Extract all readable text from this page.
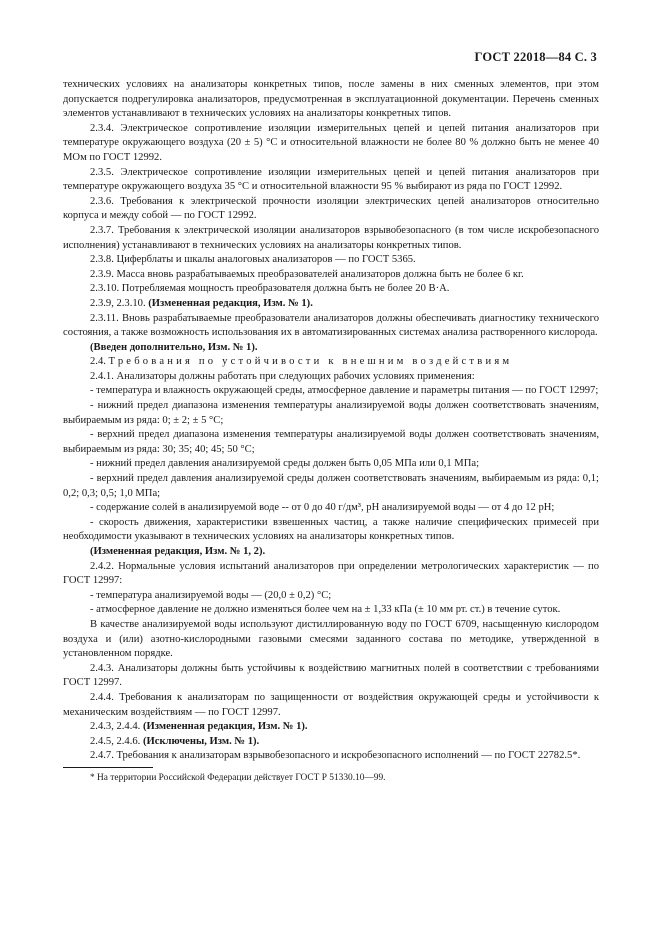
ГОСТ 22018—84 С. 3

технических условиях на анализаторы конкретных типов, после замены в них сменных элементов, при этом допускается подрегулировка анализаторов, предусмотренная в эксплуатационной документации. Перечень сменных элементов устанавливают в технических условиях на анализаторы конкретных типов.

2.3.4. Электрическое сопротивление изоляции измерительных цепей и цепей питания анализаторов при температуре окружающего воздуха (20 ± 5) °С и относительной влажности не более 80 % должно быть не менее 40 МОм по ГОСТ 12992.

2.3.5. Электрическое сопротивление изоляции измерительных цепей и цепей питания анализаторов при температуре окружающего воздуха 35 °С и относительной влажности 95 % выбирают из ряда по ГОСТ 12992.

2.3.6. Требования к электрической прочности изоляции электрических цепей анализаторов относительно корпуса и между собой — по ГОСТ 12992.

2.3.7. Требования к электрической изоляции анализаторов взрывобезопасного (в том числе искробезопасного исполнения) устанавливают в технических условиях на анализаторы конкретных типов.

2.3.8. Циферблаты и шкалы аналоговых анализаторов — по ГОСТ 5365.

2.3.9. Масса вновь разрабатываемых преобразователей анализаторов должна быть не более 6 кг.

2.3.10. Потребляемая мощность преобразователя должна быть не более 20 В·А.

2.3.9, 2.3.10. (Измененная редакция, Изм. № 1).

2.3.11. Вновь разрабатываемые преобразователи анализаторов должны обеспечивать диагностику технического состояния, а также возможность использования их в автоматизированных системах анализа растворенного кислорода.

(Введен дополнительно, Изм. № 1).

2.4. Требования по устойчивости к внешним воздействиям

2.4.1. Анализаторы должны работать при следующих рабочих условиях применения:

- температура и влажность окружающей среды, атмосферное давление и параметры питания — по ГОСТ 12997;

- нижний предел диапазона изменения температуры анализируемой воды должен соответствовать значениям, выбираемым из ряда: 0; ± 2; ± 5 °С;

- верхний предел диапазона изменения температуры анализируемой воды должен соответствовать значениям, выбираемым из ряда: 30; 35; 40; 45; 50 °С;

- нижний предел давления анализируемой среды должен быть 0,05 МПа или 0,1 МПа;

- верхний предел давления анализируемой среды должен соответствовать значениям, выбираемым из ряда: 0,1; 0,2; 0,3; 0,5; 1,0 МПа;

- содержание солей в анализируемой воде -- от 0 до 40 г/дм³, рН анализируемой воды — от 4 до 12 рН;

- скорость движения, характеристики взвешенных частиц, а также наличие специфических примесей при необходимости указывают в технических условиях на анализаторы конкретных типов.

(Измененная редакция, Изм. № 1, 2).

2.4.2. Нормальные условия испытаний анализаторов при определении метрологических характеристик — по ГОСТ 12997:

- температура анализируемой воды — (20,0 ± 0,2) °С;

- атмосферное давление не должно изменяться более чем на ± 1,33 кПа (± 10 мм рт. ст.) в течение суток.

В качестве анализируемой воды используют дистиллированную воду по ГОСТ 6709, насыщенную кислородом воздуха и (или) азотно-кислородными газовыми смесями заданного состава по методике, утвержденной в установленном порядке.

2.4.3. Анализаторы должны быть устойчивы к воздействию магнитных полей в соответствии с требованиями ГОСТ 12997.

2.4.4. Требования к анализаторам по защищенности от воздействия окружающей среды и устойчивости к механическим воздействиям — по ГОСТ 12997.

2.4.3, 2.4.4. (Измененная редакция, Изм. № 1).

2.4.5, 2.4.6. (Исключены, Изм. № 1).

2.4.7. Требования к анализаторам взрывобезопасного и искробезопасного исполнений — по ГОСТ 22782.5*.

* На территории Российской Федерации действует ГОСТ Р 51330.10—99.
